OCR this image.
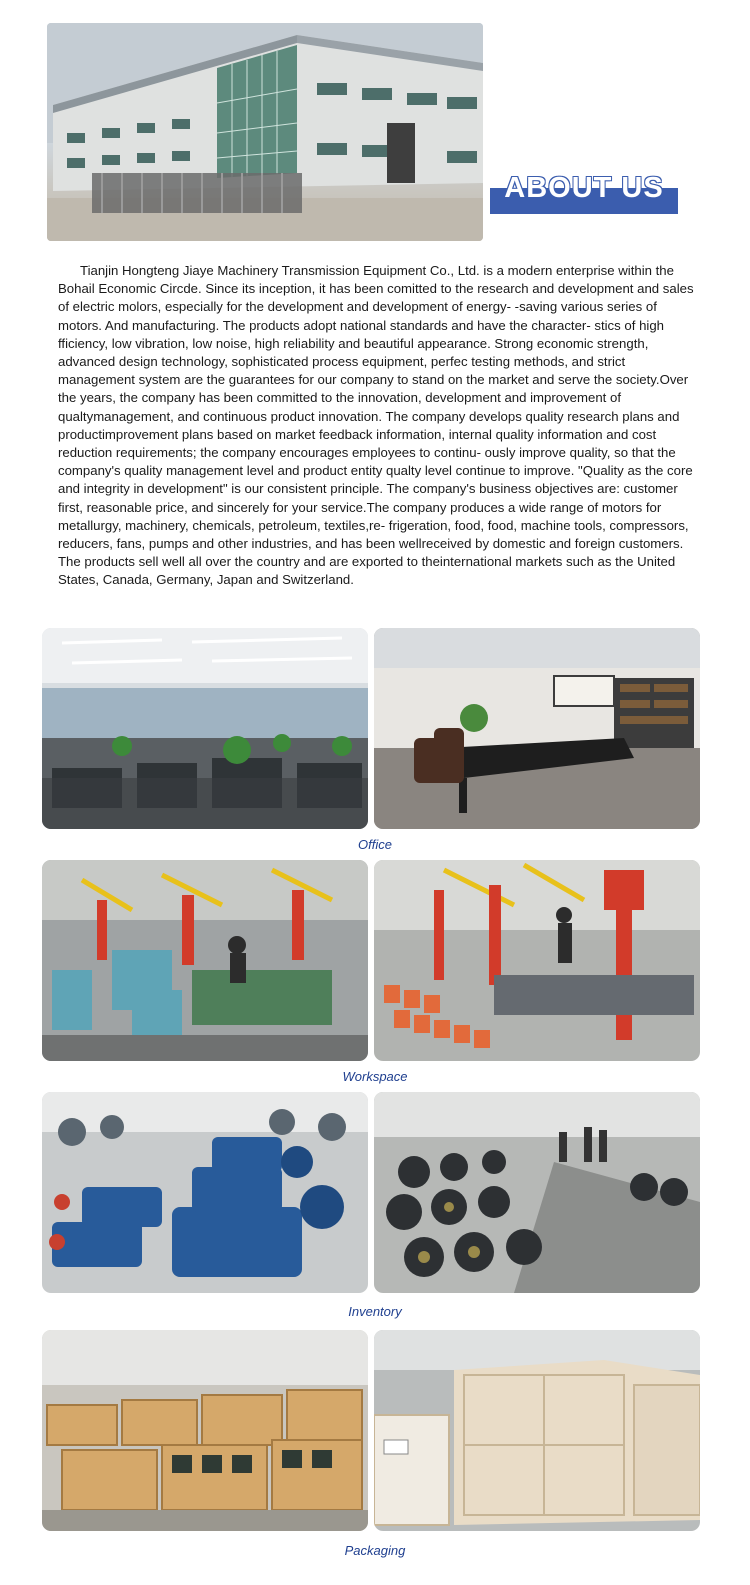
ABOUT US
Tianjin Hongteng Jiaye Machinery Transmission Equipment Co., Ltd. is a modern enterprise within the Bohail Economic Circde. Since its inception, it has been comitted to the research and development and sales of electric molors, especially for the development and development of energy- -saving various series of motors. And manufacturing. The products adopt national standards and have the character- stics of high fficiency, low vibration, low noise, high reliability and beautiful appearance. Strong economic strength, advanced design technology, sophisticated process equipment, perfec testing methods, and strict management system are the guarantees for our company to stand on the market and serve the society.Over the years, the company has been committed to the innovation, development and improvement of qualtymanagement, and continuous product innovation. The company develops quality research plans and productimprovement plans based on market feedback information, internal quality information and cost reduction requirements; the company encourages employees to continu- ously improve quality, so that the company's quality management level and product entity qualty level continue to improve. "Quality as the core and integrity in development" is our consistent principle. The company's business objectives are: customer first, reasonable price, and sincerely for your service.The company produces a wide range of motors for metallurgy, machinery, chemicals, petroleum, textiles,re- frigeration, food, food, machine tools, compressors, reducers, fans, pumps and other industries, and has been wellreceived by domestic and foreign customers. The products sell well all over the country and are exported to theinternational markets such as the United States, Canada, Germany, Japan and Switzerland.
Office
Workspace
Inventory
Packaging
